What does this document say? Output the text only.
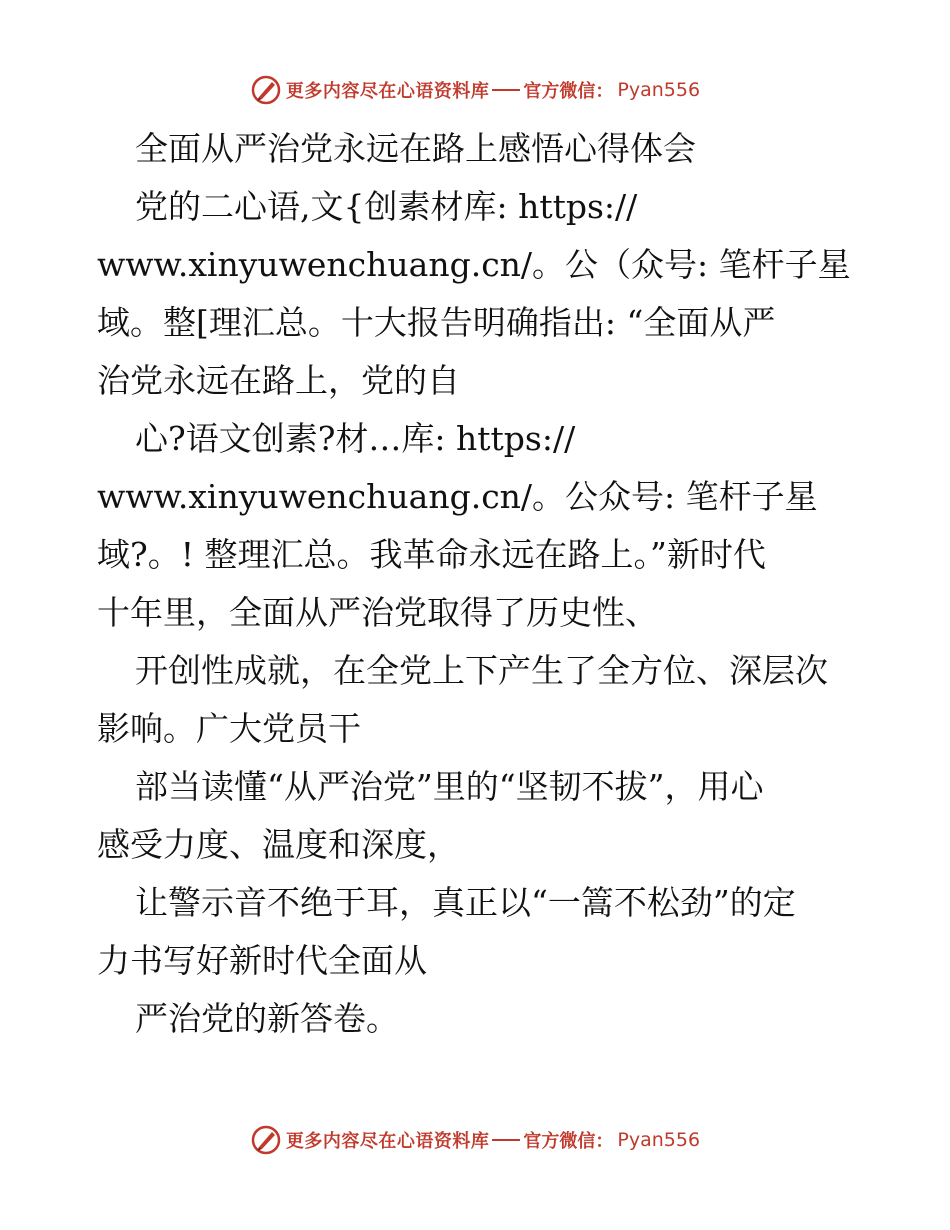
更多内容尽在心语资料库 官方微信： Pyan556
全面从严治党永远在路上感悟心得体会
党的二心语,文{创素材库: https://
www.xinyuwenchuang.cn/。公（众号: 笔杆子星
域。整[理汇总。十大报告明确指出: “全面从严
治党永远在路上，党的自
心?语文创素?材…库: https://
www.xinyuwenchuang.cn/。公众号: 笔杆子星
域?。! 整理汇总。我革命永远在路上。”新时代
十年里，全面从严治党取得了历史性、
开创性成就，在全党上下产生了全方位、深层次
影响。广大党员干
部当读懂“从严治党”里的“坚韧不拔”，用心
感受力度、温度和深度，
让警示音不绝于耳，真正以“一篙不松劲”的定
力书写好新时代全面从
严治党的新答卷。
更多内容尽在心语资料库 官方微信： Pyan556
